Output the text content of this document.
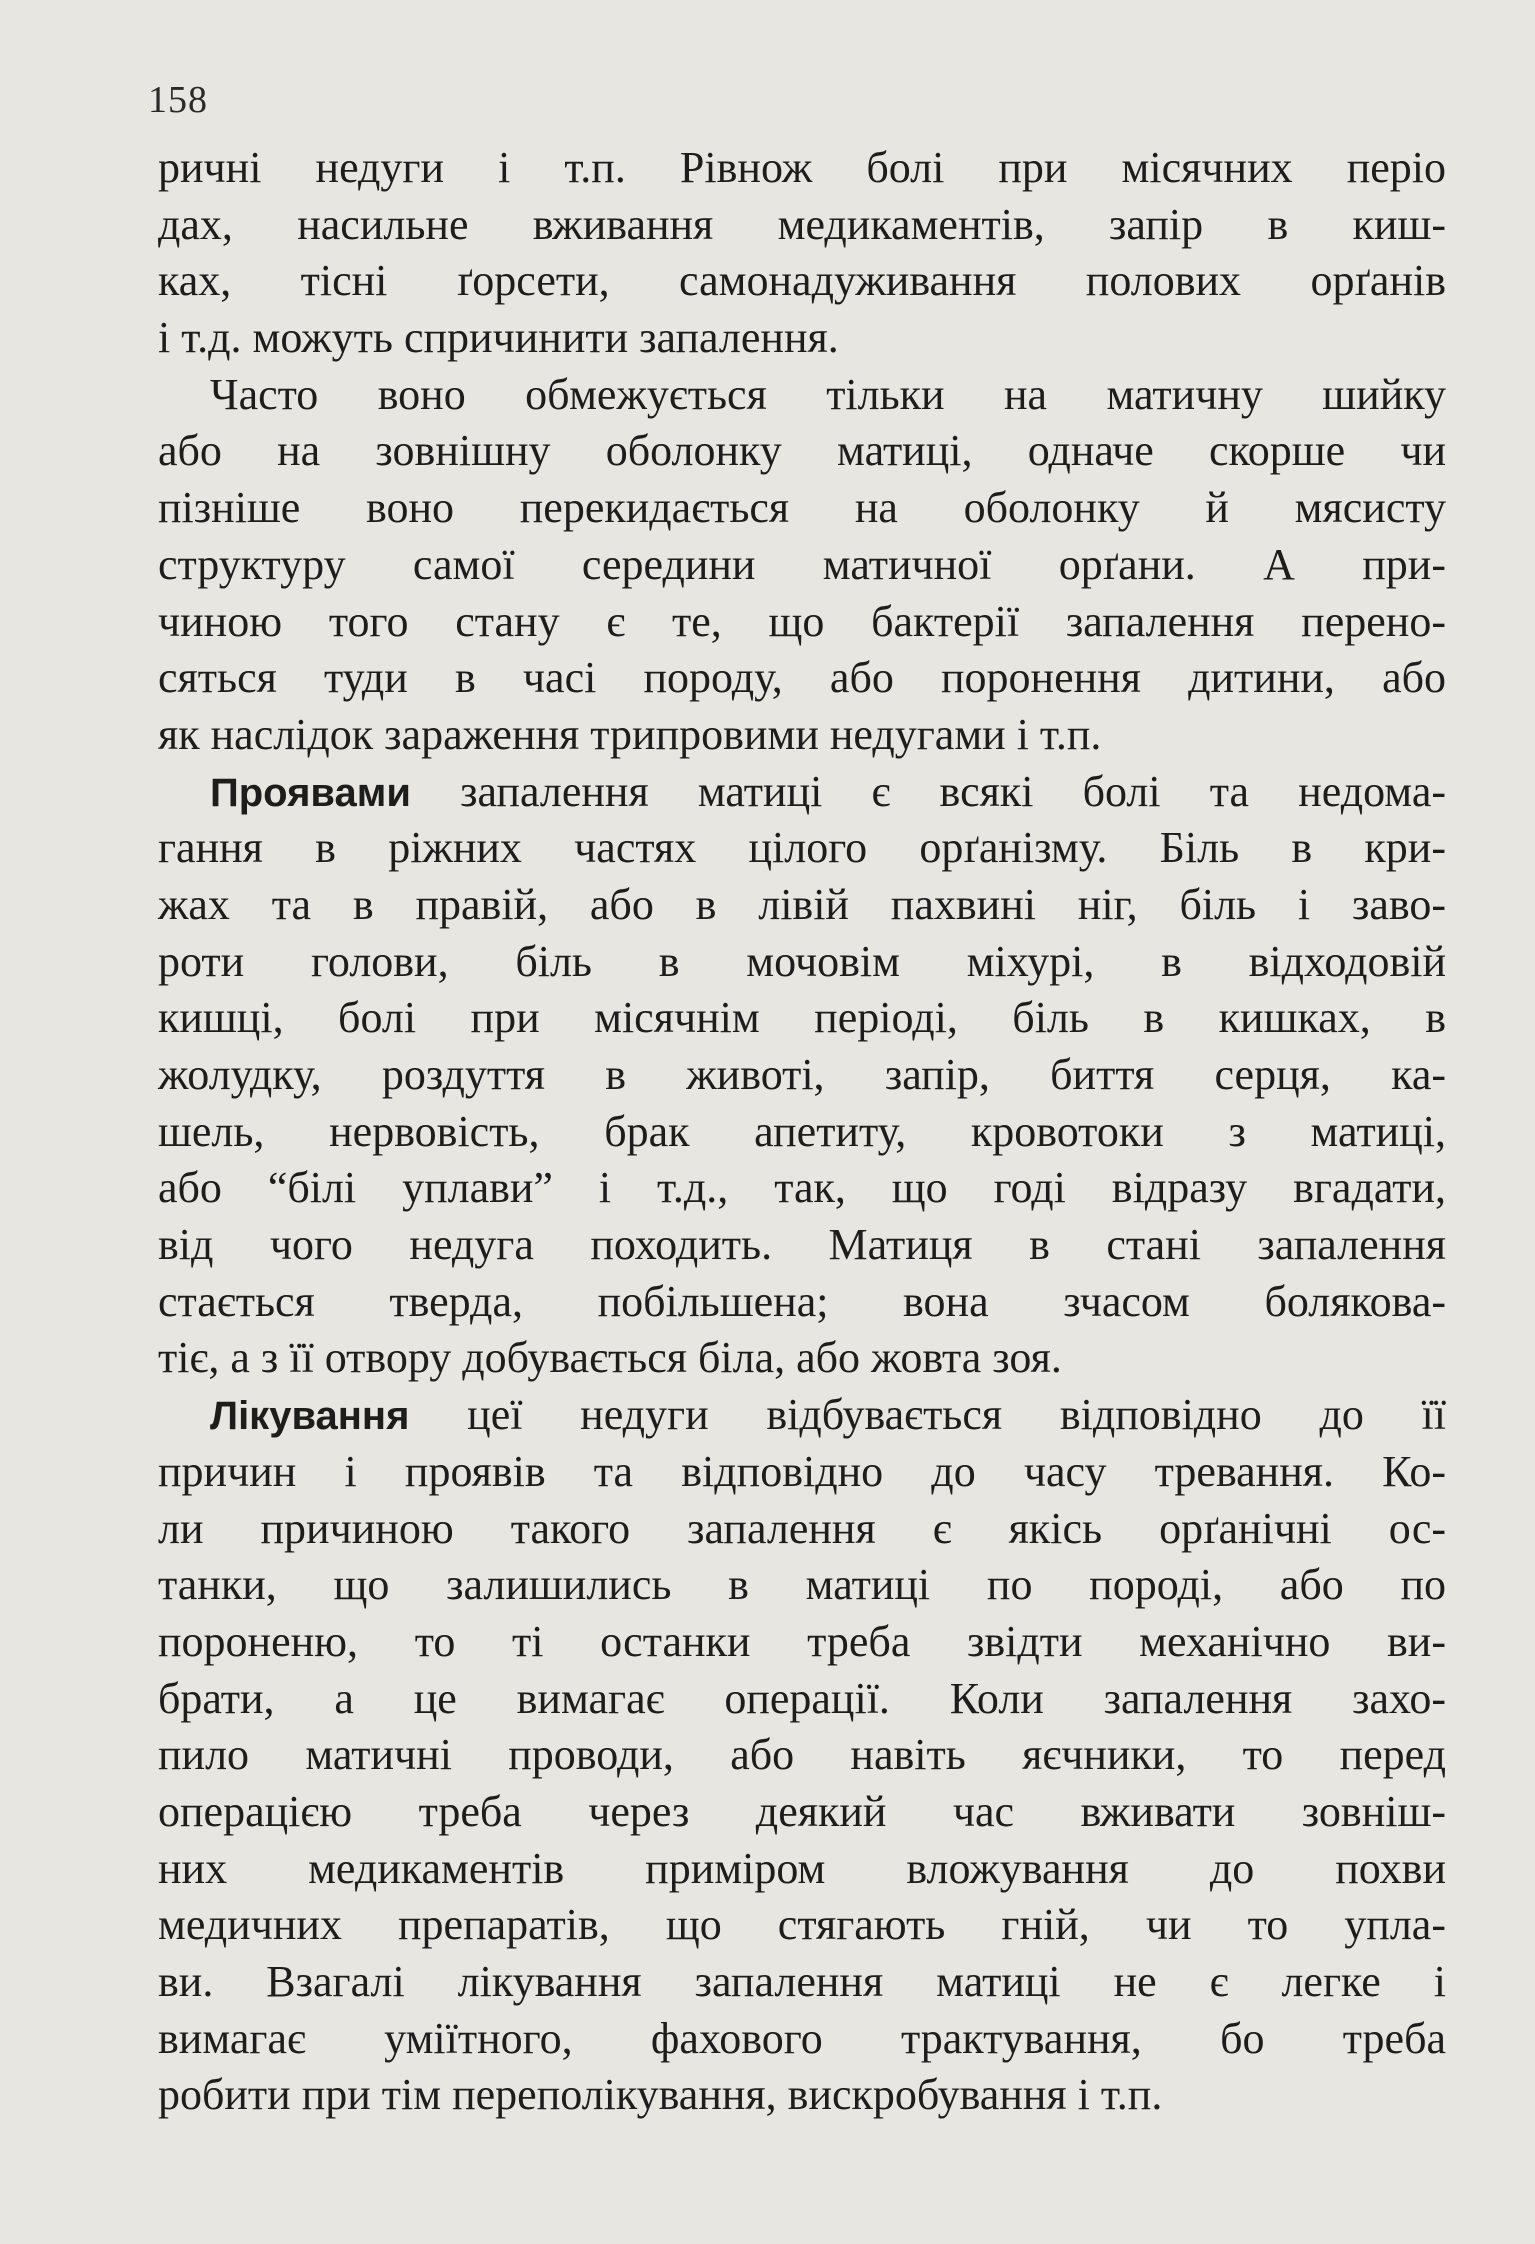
158
ричні недуги і т.п. Рівнож болі при місячних періо
дах, насильне вживання медикаментів, запір в киш-
ках, тісні ґорсети, самонадуживання полових орґанів
і т.д. можуть спричинити запалення.
Часто воно обмежується тільки на матичну шийку
або на зовнішну оболонку матиці, одначе скорше чи
пізніше воно перекидається на оболонку й мясисту
структуру самої середини матичної орґани. А при-
чиною того стану є те, що бактерії запалення перено-
сяться туди в часі породу, або поронення дитини, або
як наслідок зараження трипровими недугами і т.п.
Проявами запалення матиці є всякі болі та недома-
гання в ріжних частях цілого орґанізму. Біль в кри-
жах та в правій, або в лівій пахвині ніг, біль і заво-
роти голови, біль в мочовім міхурі, в відходовій
кишці, болі при місячнім періоді, біль в кишках, в
жолудку, роздуття в животі, запір, биття серця, ка-
шель, нервовість, брак апетиту, кровотоки з матиці,
або “білі уплави” і т.д., так, що годі відразу вгадати,
від чого недуга походить. Матиця в стані запалення
стається тверда, побільшена; вона зчасом болякова-
тіє, а з її отвору добувається біла, або жовта зоя.
Лікування цеї недуги відбувається відповідно до її
причин і проявів та відповідно до часу тревання. Ко-
ли причиною такого запалення є якісь орґанічні ос-
танки, що залишились в матиці по породі, або по
пороненю, то ті останки треба звідти механічно ви-
брати, а це вимагає операції. Коли запалення захо-
пило матичні проводи, або навіть яєчники, то перед
операцією треба через деякий час вживати зовніш-
них медикаментів приміром вложування до похви
медичних препаратів, що стягають гній, чи то упла-
ви. Взагалі лікування запалення матиці не є легке і
вимагає уміїтного, фахового трактування, бо треба
робити при тім переполікування, вискробування і т.п.
